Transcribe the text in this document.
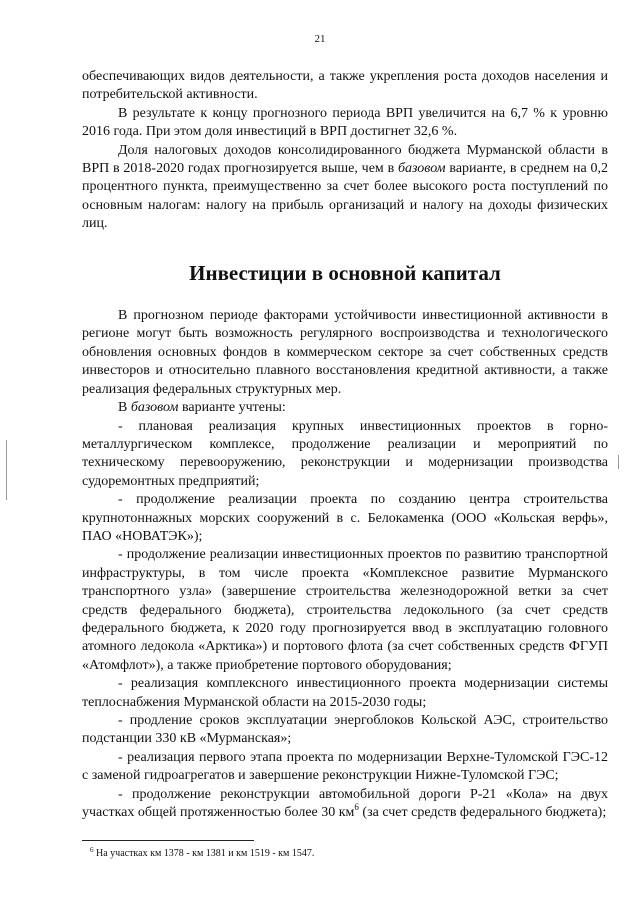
21

обеспечивающих видов деятельности, а также укрепления роста доходов населения и потребительской активности.

В результате к концу прогнозного периода ВРП увеличится на 6,7 % к уровню 2016 года. При этом доля инвестиций в ВРП достигнет 32,6 %.

Доля налоговых доходов консолидированного бюджета Мурманской области в ВРП в 2018-2020 годах прогнозируется выше, чем в базовом варианте, в среднем на 0,2 процентного пункта, преимущественно за счет более высокого роста поступлений по основным налогам: налогу на прибыль организаций и налогу на доходы физических лиц.

Инвестиции в основной капитал

В прогнозном периоде факторами устойчивости инвестиционной активности в регионе могут быть возможность регулярного воспроизводства и технологического обновления основных фондов в коммерческом секторе за счет собственных средств инвесторов и относительно плавного восстановления кредитной активности, а также реализация федеральных структурных мер.

В базовом варианте учтены:

- плановая реализация крупных инвестиционных проектов в горно-металлургическом комплексе, продолжение реализации и мероприятий по техническому перевооружению, реконструкции и модернизации производства судоремонтных предприятий;

- продолжение реализации проекта по созданию центра строительства крупнотоннажных морских сооружений в с. Белокаменка (ООО «Кольская верфь», ПАО «НОВАТЭК»);

- продолжение реализации инвестиционных проектов по развитию транспортной инфраструктуры, в том числе проекта «Комплексное развитие Мурманского транспортного узла» (завершение строительства железнодорожной ветки за счет средств федерального бюджета), строительства ледокольного (за счет средств федерального бюджета, к 2020 году прогнозируется ввод в эксплуатацию головного атомного ледокола «Арктика») и портового флота (за счет собственных средств ФГУП «Атомфлот»), а также приобретение портового оборудования;

- реализация комплексного инвестиционного проекта модернизации системы теплоснабжения Мурманской области на 2015-2030 годы;

- продление сроков эксплуатации энергоблоков Кольской АЭС, строительство подстанции 330 кВ «Мурманская»;

- реализация первого этапа проекта по модернизации Верхне-Туломской ГЭС-12 с заменой гидроагрегатов и завершение реконструкции Нижне-Туломской ГЭС;

- продолжение реконструкции автомобильной дороги Р-21 «Кола» на двух участках общей протяженностью более 30 $км^6$ (за счет средств федерального бюджета);

$^6$ На участках км 1378 - км 1381 и км 1519 - км 1547.
